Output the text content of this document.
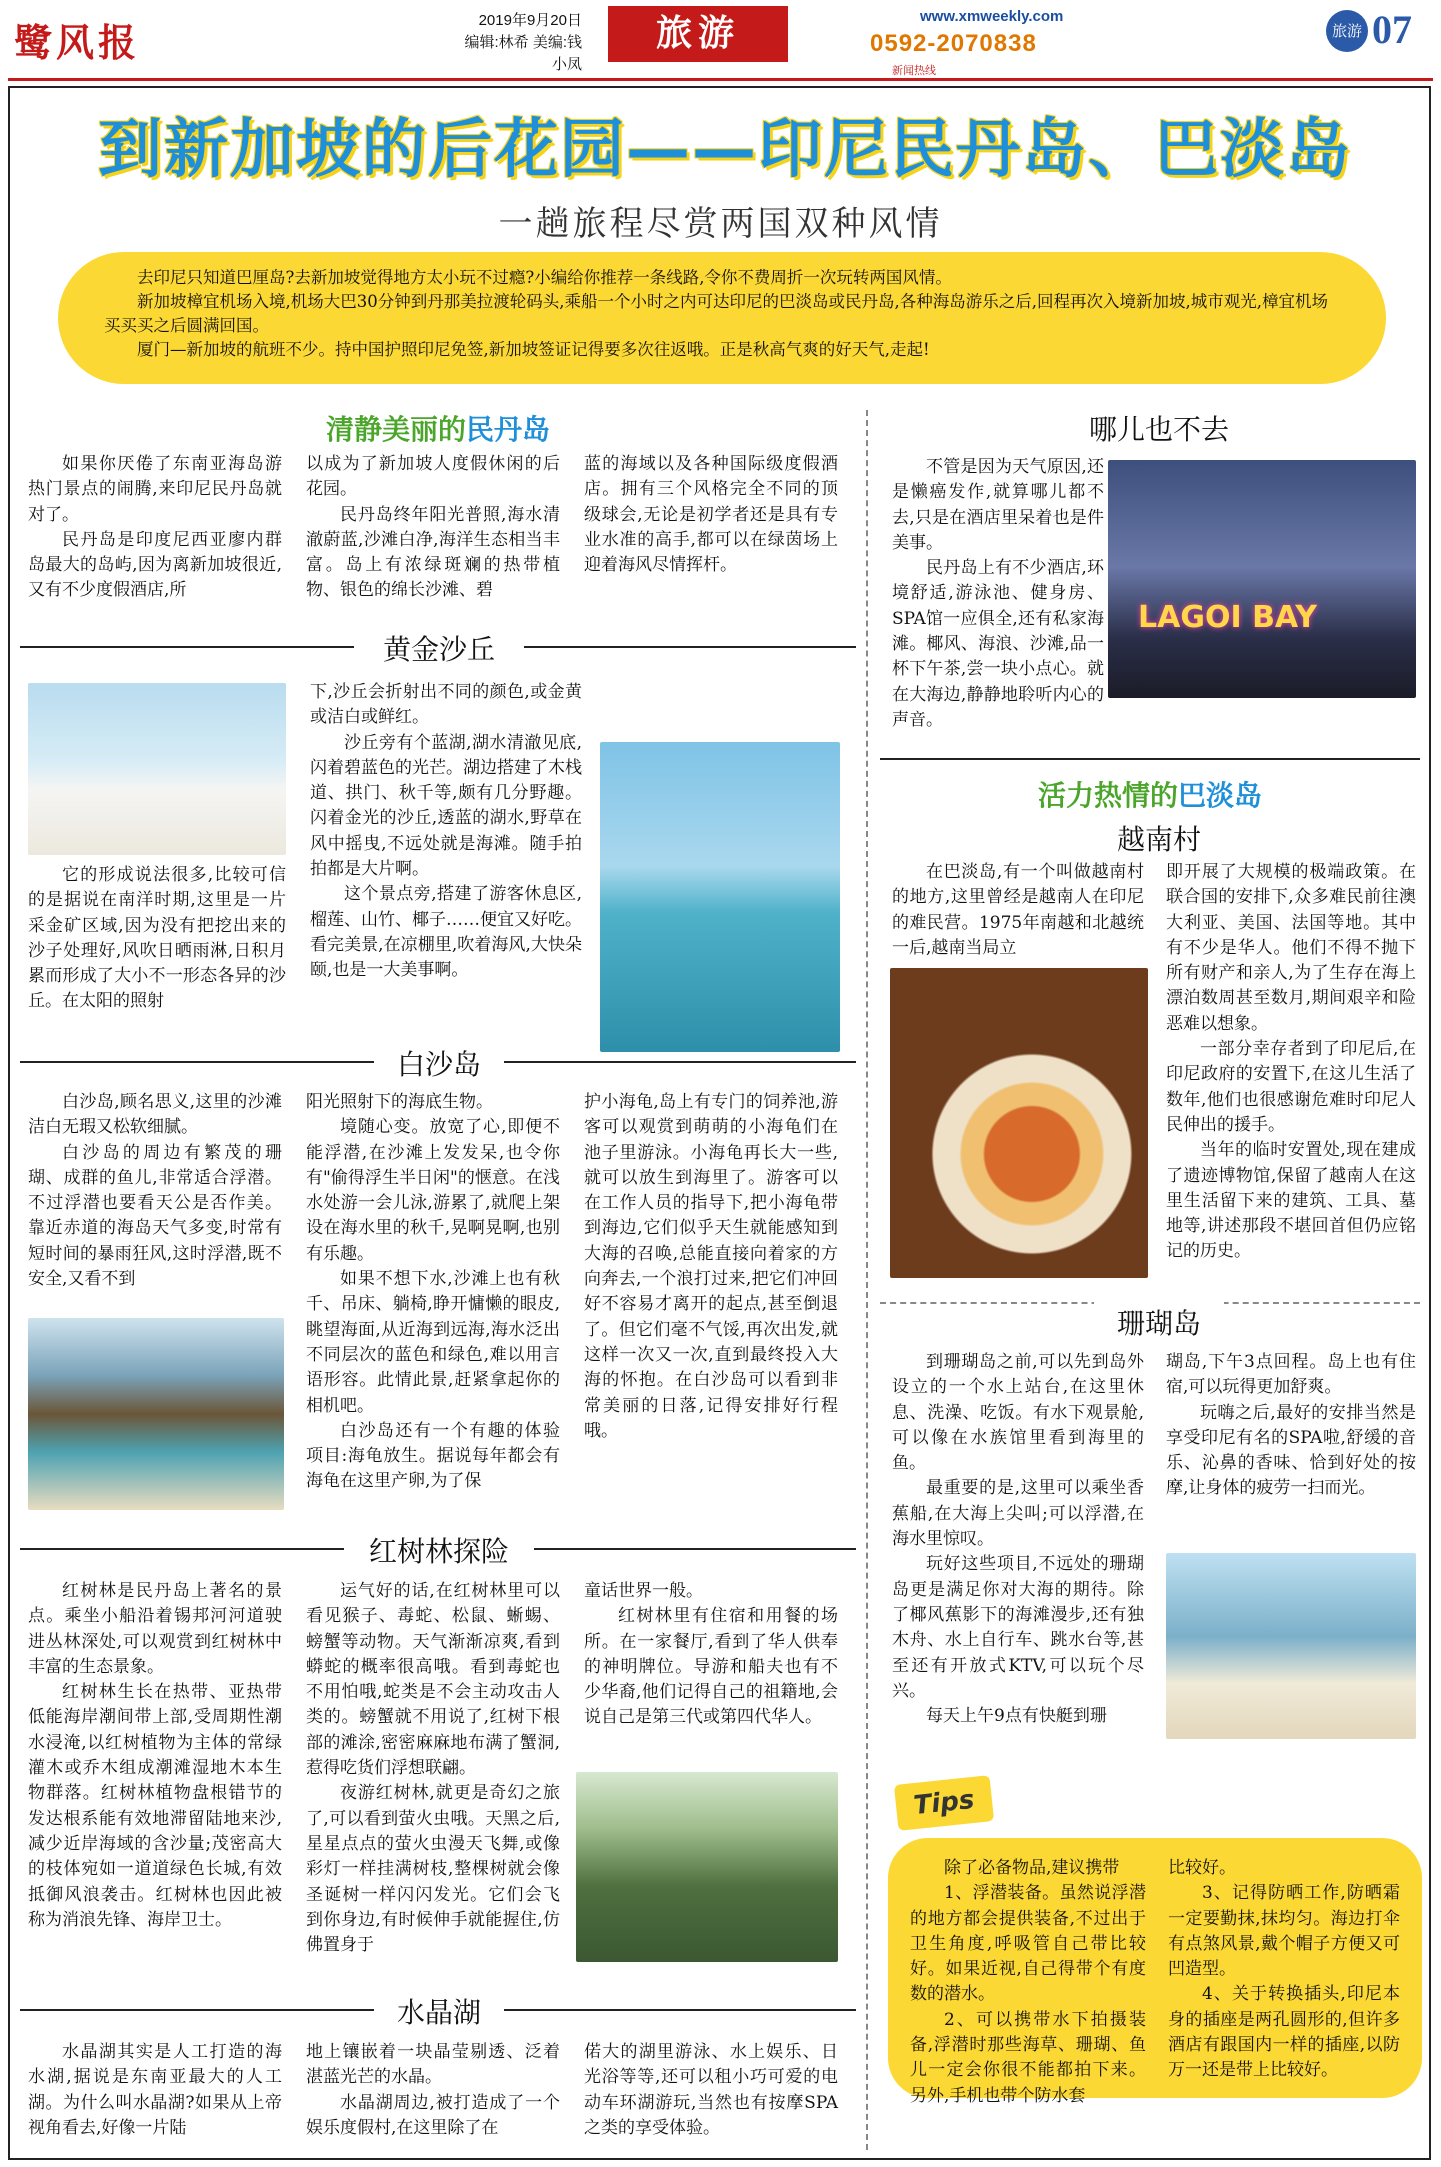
鹭风报	2019年9月20日
编辑:林希 美编:钱小凤
旅游	www.xmweekly.com
0592-2070838
新闻热线
旅游 07
到新加坡的后花园——印尼民丹岛、巴淡岛
一趟旅程尽赏两国双种风情

去印尼只知道巴厘岛?去新加坡觉得地方太小玩不过瘾?小编给你推荐一条线路,令你不费周折一次玩转两国风情。

新加坡樟宜机场入境,机场大巴30分钟到丹那美拉渡轮码头,乘船一个小时之内可达印尼的巴淡岛或民丹岛,各种海岛游乐之后,回程再次入境新加坡,城市观光,樟宜机场买买买之后圆满回国。

厦门—新加坡的航班不少。持中国护照印尼免签,新加坡签证记得要多次往返哦。正是秋高气爽的好天气,走起!

清静美丽的民丹岛

如果你厌倦了东南亚海岛游热门景点的闹腾,来印尼民丹岛就对了。

民丹岛是印度尼西亚廖内群岛最大的岛屿,因为离新加坡很近,又有不少度假酒店,所

以成为了新加坡人度假休闲的后花园。

民丹岛终年阳光普照,海水清澈蔚蓝,沙滩白净,海洋生态相当丰富。岛上有浓绿斑斓的热带植物、银色的绵长沙滩、碧

蓝的海域以及各种国际级度假酒店。拥有三个风格完全不同的顶级球会,无论是初学者还是具有专业水准的高手,都可以在绿茵场上迎着海风尽情挥杆。

黄金沙丘

它的形成说法很多,比较可信的是据说在南洋时期,这里是一片采金矿区域,因为没有把挖出来的沙子处理好,风吹日晒雨淋,日积月累而形成了大小不一形态各异的沙丘。在太阳的照射

下,沙丘会折射出不同的颜色,或金黄或洁白或鲜红。

沙丘旁有个蓝湖,湖水清澈见底,闪着碧蓝色的光芒。湖边搭建了木栈道、拱门、秋千等,颇有几分野趣。闪着金光的沙丘,透蓝的湖水,野草在风中摇曳,不远处就是海滩。随手拍拍都是大片啊。

这个景点旁,搭建了游客休息区,榴莲、山竹、椰子……便宜又好吃。看完美景,在凉棚里,吹着海风,大快朵颐,也是一大美事啊。

白沙岛

白沙岛,顾名思义,这里的沙滩洁白无瑕又松软细腻。

白沙岛的周边有繁茂的珊瑚、成群的鱼儿,非常适合浮潜。不过浮潜也要看天公是否作美。靠近赤道的海岛天气多变,时常有短时间的暴雨狂风,这时浮潜,既不安全,又看不到

阳光照射下的海底生物。

境随心变。放宽了心,即便不能浮潜,在沙滩上发发呆,也令你有"偷得浮生半日闲"的惬意。在浅水处游一会儿泳,游累了,就爬上架设在海水里的秋千,晃啊晃啊,也别有乐趣。

如果不想下水,沙滩上也有秋千、吊床、躺椅,睁开慵懒的眼皮,眺望海面,从近海到远海,海水泛出不同层次的蓝色和绿色,难以用言语形容。此情此景,赶紧拿起你的相机吧。

白沙岛还有一个有趣的体验项目:海龟放生。据说每年都会有海龟在这里产卵,为了保

护小海龟,岛上有专门的饲养池,游客可以观赏到萌萌的小海龟们在池子里游泳。小海龟再长大一些,就可以放生到海里了。游客可以在工作人员的指导下,把小海龟带到海边,它们似乎天生就能感知到大海的召唤,总能直接向着家的方向奔去,一个浪打过来,把它们冲回好不容易才离开的起点,甚至倒退了。但它们毫不气馁,再次出发,就这样一次又一次,直到最终投入大海的怀抱。在白沙岛可以看到非常美丽的日落,记得安排好行程哦。

红树林探险

红树林是民丹岛上著名的景点。乘坐小船沿着锡邦河河道驶进丛林深处,可以观赏到红树林中丰富的生态景象。

红树林生长在热带、亚热带低能海岸潮间带上部,受周期性潮水浸淹,以红树植物为主体的常绿灌木或乔木组成潮滩湿地木本生物群落。红树林植物盘根错节的发达根系能有效地滞留陆地来沙,减少近岸海域的含沙量;茂密高大的枝体宛如一道道绿色长城,有效抵御风浪袭击。红树林也因此被称为消浪先锋、海岸卫士。

运气好的话,在红树林里可以看见猴子、毒蛇、松鼠、蜥蜴、螃蟹等动物。天气渐渐凉爽,看到蟒蛇的概率很高哦。看到毒蛇也不用怕哦,蛇类是不会主动攻击人类的。螃蟹就不用说了,红树下根部的滩涂,密密麻麻地布满了蟹洞,惹得吃货们浮想联翩。

夜游红树林,就更是奇幻之旅了,可以看到萤火虫哦。天黑之后,星星点点的萤火虫漫天飞舞,或像彩灯一样挂满树枝,整棵树就会像圣诞树一样闪闪发光。它们会飞到你身边,有时候伸手就能握住,仿佛置身于

童话世界一般。

红树林里有住宿和用餐的场所。在一家餐厅,看到了华人供奉的神明牌位。导游和船夫也有不少华裔,他们记得自己的祖籍地,会说自己是第三代或第四代华人。

水晶湖

水晶湖其实是人工打造的海水湖,据说是东南亚最大的人工湖。为什么叫水晶湖?如果从上帝视角看去,好像一片陆

地上镶嵌着一块晶莹剔透、泛着湛蓝光芒的水晶。

水晶湖周边,被打造成了一个娱乐度假村,在这里除了在

偌大的湖里游泳、水上娱乐、日光浴等等,还可以租小巧可爱的电动车环湖游玩,当然也有按摩SPA之类的享受体验。

哪儿也不去

不管是因为天气原因,还是懒癌发作,就算哪儿都不去,只是在酒店里呆着也是件美事。

民丹岛上有不少酒店,环境舒适,游泳池、健身房、SPA馆一应俱全,还有私家海滩。椰风、海浪、沙滩,品一杯下午茶,尝一块小点心。就在大海边,静静地聆听内心的声音。

LAGOI BAY
活力热情的巴淡岛
越南村

在巴淡岛,有一个叫做越南村的地方,这里曾经是越南人在印尼的难民营。1975年南越和北越统一后,越南当局立

即开展了大规模的极端政策。在联合国的安排下,众多难民前往澳大利亚、美国、法国等地。其中有不少是华人。他们不得不抛下所有财产和亲人,为了生存在海上漂泊数周甚至数月,期间艰辛和险恶难以想象。

一部分幸存者到了印尼后,在印尼政府的安置下,在这儿生活了数年,他们也很感谢危难时印尼人民伸出的援手。

当年的临时安置处,现在建成了遗迹博物馆,保留了越南人在这里生活留下来的建筑、工具、墓地等,讲述那段不堪回首但仍应铭记的历史。

珊瑚岛

到珊瑚岛之前,可以先到岛外设立的一个水上站台,在这里休息、洗澡、吃饭。有水下观景舱,可以像在水族馆里看到海里的鱼。

最重要的是,这里可以乘坐香蕉船,在大海上尖叫;可以浮潜,在海水里惊叹。

玩好这些项目,不远处的珊瑚岛更是满足你对大海的期待。除了椰风蕉影下的海滩漫步,还有独木舟、水上自行车、跳水台等,甚至还有开放式KTV,可以玩个尽兴。

每天上午9点有快艇到珊

瑚岛,下午3点回程。岛上也有住宿,可以玩得更加舒爽。

玩嗨之后,最好的安排当然是享受印尼有名的SPA啦,舒缓的音乐、沁鼻的香味、恰到好处的按摩,让身体的疲劳一扫而光。

Tips

除了必备物品,建议携带

1、浮潜装备。虽然说浮潜的地方都会提供装备,不过出于卫生角度,呼吸管自己带比较好。如果近视,自己得带个有度数的潜水。

2、可以携带水下拍摄装备,浮潜时那些海草、珊瑚、鱼儿一定会你很不能都拍下来。另外,手机也带个防水套

比较好。

3、记得防晒工作,防晒霜一定要勤抹,抹均匀。海边打伞有点煞风景,戴个帽子方便又可凹造型。

4、关于转换插头,印尼本身的插座是两孔圆形的,但许多酒店有跟国内一样的插座,以防万一还是带上比较好。
